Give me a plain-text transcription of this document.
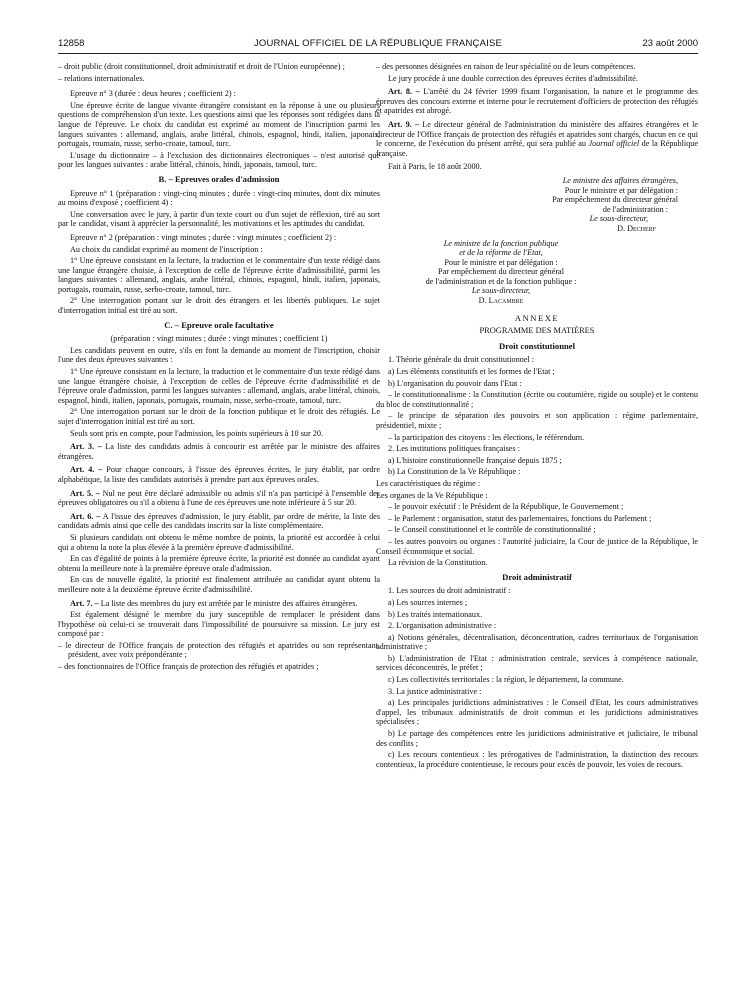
12858	JOURNAL OFFICIEL DE LA RÉPUBLIQUE FRANÇAISE	23 août 2000

– droit public (droit constitutionnel, droit administratif et droit de l'Union européenne) ;

– relations internationales.

Epreuve n° 3 (durée : deux heures ; coefficient 2) :

Une épreuve écrite de langue vivante étrangère consistant en la réponse à une ou plusieurs questions de compréhension d'un texte. Les questions ainsi que les réponses sont rédigées dans la langue de l'épreuve. Le choix du candidat est exprimé au moment de l'inscription parmi les langues suivantes : allemand, anglais, arabe littéral, chinois, espagnol, hindi, italien, japonais, portugais, roumain, russe, serbo-croate, tamoul, turc.

L'usage du dictionnaire – à l'exclusion des dictionnaires électroniques – n'est autorisé que pour les langues suivantes : arabe littéral, chinois, hindi, japonais, tamoul, turc.

B. – Epreuves orales d'admission

Epreuve n° 1 (préparation : vingt-cinq minutes ; durée : vingt-cinq minutes, dont dix minutes au moins d'exposé ; coefficient 4) :

Une conversation avec le jury, à partir d'un texte court ou d'un sujet de réflexion, tiré au sort par le candidat, visant à apprécier la personnalité, les motivations et les aptitudes du candidat.

Epreuve n° 2 (préparation : vingt minutes ; durée : vingt minutes ; coefficient 2) :

Au choix du candidat exprimé au moment de l'inscription :

1° Une épreuve consistant en la lecture, la traduction et le commentaire d'un texte rédigé dans une langue étrangère choisie, à l'exception de celle de l'épreuve écrite d'admissibilité, parmi les langues suivantes : allemand, anglais, arabe littéral, chinois, espagnol, hindi, italien, japonais, portugais, roumain, russe, serbo-croate, tamoul, turc.

2° Une interrogation portant sur le droit des étrangers et les libertés publiques. Le sujet d'interrogation initial est tiré au sort.

C. – Epreuve orale facultative

(préparation : vingt minutes ; durée : vingt minutes ; coefficient 1)

Les candidats peuvent en outre, s'ils en font la demande au moment de l'inscription, choisir l'une des deux épreuves suivantes :

1° Une épreuve consistant en la lecture, la traduction et le commentaire d'un texte rédigé dans une langue étrangère choisie, à l'exception de celles de l'épreuve écrite d'admissibilité et de l'épreuve orale d'admission, parmi les langues suivantes : allemand, anglais, arabe littéral, chinois, espagnol, hindi, italien, japonais, portugais, roumain, russe, serbo-croate, tamoul, turc.

2° Une interrogation portant sur le droit de la fonction publique et le droit des réfugiés. Le sujet d'interrogation initial est tiré au sort.

Seuls sont pris en compte, pour l'admission, les points supérieurs à 10 sur 20.

Art. 3. – La liste des candidats admis à concourir est arrêtée par le ministre des affaires étrangères.

Art. 4. – Pour chaque concours, à l'issue des épreuves écrites, le jury établit, par ordre alphabétique, la liste des candidats autorisés à prendre part aux épreuves orales.

Art. 5. – Nul ne peut être déclaré admissible ou admis s'il n'a pas participé à l'ensemble des épreuves obligatoires ou s'il a obtenu à l'une de ces épreuves une note inférieure à 5 sur 20.

Art. 6. – A l'issue des épreuves d'admission, le jury établit, par ordre de mérite, la liste des candidats admis ainsi que celle des candidats inscrits sur la liste complémentaire.

Si plusieurs candidats ont obtenu le même nombre de points, la priorité est accordée à celui qui a obtenu la note la plus élevée à la première épreuve d'admissibilité.

En cas d'égalité de points à la première épreuve écrite, la priorité est donnée au candidat ayant obtenu la meilleure note à la première épreuve orale d'admission.

En cas de nouvelle égalité, la priorité est finalement attribuée au candidat ayant obtenu la meilleure note à la deuxième épreuve écrite d'admissibilité.

Art. 7. – La liste des membres du jury est arrêtée par le ministre des affaires étrangères.

Est également désigné le membre du jury susceptible de remplacer le président dans l'hypothèse où celui-ci se trouverait dans l'impossibilité de poursuivre sa mission. Le jury est composé par :

– le directeur de l'Office français de protection des réfugiés et apatrides ou son représentant, président, avec voix prépondérante ;

– des fonctionnaires de l'Office français de protection des réfugiés et apatrides ;

– des personnes désignées en raison de leur spécialité ou de leurs compétences.

Le jury procède à une double correction des épreuves écrites d'admissibilité.

Art. 8. – L'arrêté du 24 février 1999 fixant l'organisation, la nature et le programme des épreuves des concours externe et interne pour le recrutement d'officiers de protection des réfugiés et apatrides est abrogé.

Art. 9. – Le directeur général de l'administration du ministère des affaires étrangères et le directeur de l'Office français de protection des réfugiés et apatrides sont chargés, chacun en ce qui le concerne, de l'exécution du présent arrêté, qui sera publié au Journal officiel de la République française.

Fait à Paris, le 18 août 2000.

Le ministre des affaires étrangères,
Pour le ministre et par délégation :
Par empêchement du directeur général
de l'administration :
Le sous-directeur,
D. Decherf
Le ministre de la fonction publique
et de la réforme de l'Etat,
Pour le ministre et par délégation :
Par empêchement du directeur général
de l'administration et de la fonction publique :
Le sous-directeur,
D. Lacambre
ANNEXE
PROGRAMME DES MATIÈRES
Droit constitutionnel

1. Théorie générale du droit constitutionnel :

a) Les éléments constitutifs et les formes de l'Etat ;

b) L'organisation du pouvoir dans l'Etat :

– le constitutionnalisme : la Constitution (écrite ou coutumière, rigide ou souple) et le contenu du bloc de constitutionnalité ;

– le principe de séparation des pouvoirs et son application : régime parlementaire, présidentiel, mixte ;

– la participation des citoyens : les élections, le référendum.

2. Les institutions politiques françaises :

a) L'histoire constitutionnelle française depuis 1875 ;

b) La Constitution de la Ve République :

Les caractéristiques du régime :

Les organes de la Ve République :

– le pouvoir exécutif : le Président de la République, le Gouvernement ;

– le Parlement : organisation, statut des parlementaires, fonctions du Parlement ;

– le Conseil constitutionnel et le contrôle de constitutionnalité ;

– les autres pouvoirs ou organes : l'autorité judiciaire, la Cour de justice de la République, le Conseil économique et social.

La révision de la Constitution.

Droit administratif

1. Les sources du droit administratif :

a) Les sources internes ;

b) Les traités internationaux.

2. L'organisation administrative :

a) Notions générales, décentralisation, déconcentration, cadres territoriaux de l'organisation administrative ;

b) L'administration de l'Etat : administration centrale, services à compétence nationale, services déconcentrés, le préfet ;

c) Les collectivités territoriales : la région, le département, la commune.

3. La justice administrative :

a) Les principales juridictions administratives : le Conseil d'Etat, les cours administratives d'appel, les tribunaux administratifs de droit commun et les juridictions administratives spécialisées ;

b) Le partage des compétences entre les juridictions administrative et judiciaire, le tribunal des conflits ;

c) Les recours contentieux : les prérogatives de l'administration, la distinction des recours contentieux, la procédure contentieuse, le recours pour excès de pouvoir, les voies de recours.
